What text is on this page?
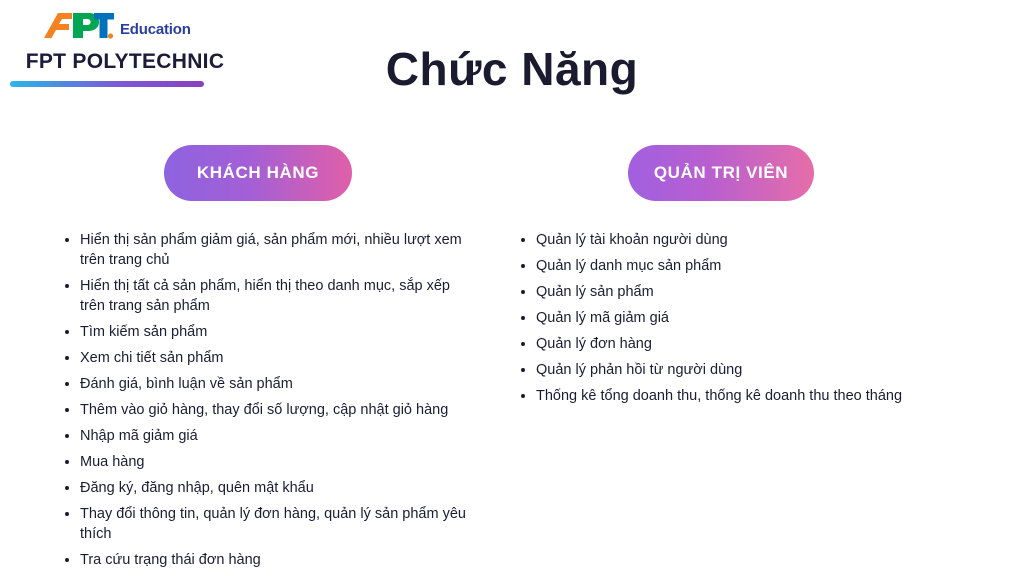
Education
FPT POLYTECHNIC	Chức Năng
KHÁCH HÀNG	QUẢN TRỊ VIÊN
• Hiển thị sản phẩm giảm giá, sản phẩm mới, nhiều lượt xem trên trang chủ
• Hiển thị tất cả sản phẩm, hiển thị theo danh mục, sắp xếp trên trang sản phẩm
• Tìm kiếm sản phẩm
• Xem chi tiết sản phẩm
• Đánh giá, bình luận về sản phẩm
• Thêm vào giỏ hàng, thay đổi số lượng, cập nhật giỏ hàng
• Nhập mã giảm giá
• Mua hàng
• Đăng ký, đăng nhập, quên mật khẩu
• Thay đổi thông tin, quản lý đơn hàng, quản lý sản phẩm yêu thích
• Tra cứu trạng thái đơn hàng
• Quản lý tài khoản người dùng
• Quản lý danh mục sản phẩm
• Quản lý sản phẩm
• Quản lý mã giảm giá
• Quản lý đơn hàng
• Quản lý phản hồi từ người dùng
• Thống kê tổng doanh thu, thống kê doanh thu theo tháng
